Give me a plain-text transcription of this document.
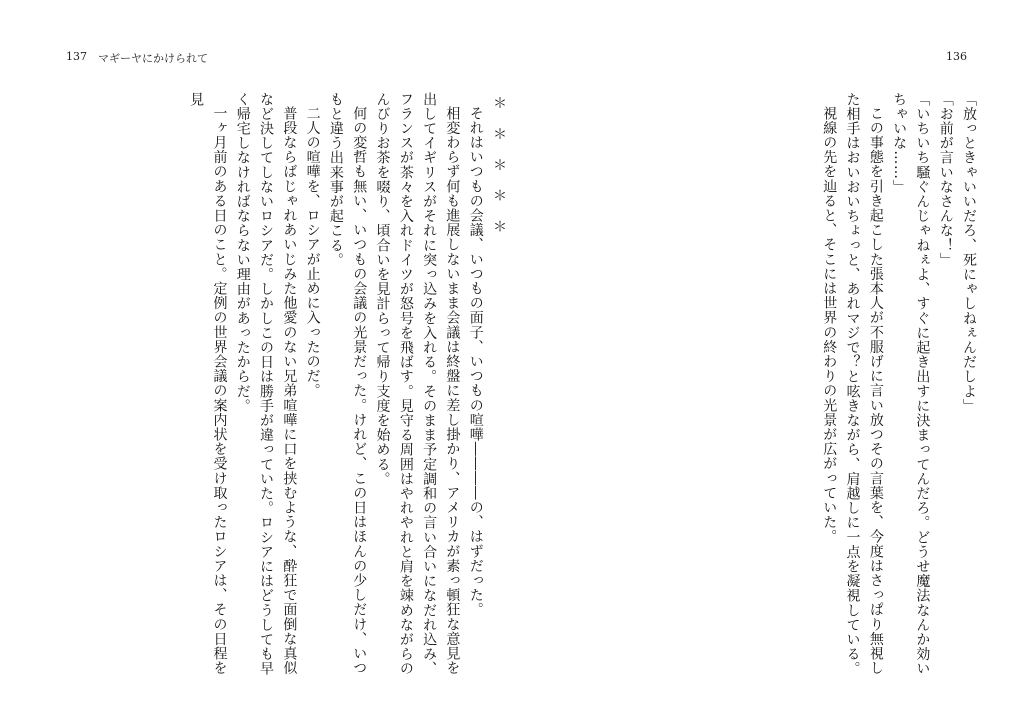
137 マギーヤにかけられて	136

「放っときゃいいだろ、死にゃしねぇんだしよ」

「お前が言いなさんな！」

「いちいち騒ぐんじゃねぇよ、すぐに起き出すに決まってんだろ。どうせ魔法なんか効いちゃいな……」

この事態を引き起こした張本人が不服げに言い放つその言葉を、今度はさっぱり無視した相手はおいおいちょっと、あれマジで？と呟きながら、肩越しに一点を凝視している。

視線の先を辿ると、そこには世界の終わりの光景が広がっていた。

＊＊＊＊＊

それはいつもの会議、いつもの面子、いつもの喧嘩――――の、はずだった。

相変わらず何も進展しないまま会議は終盤に差し掛かり、アメリカが素っ頓狂な意見を出してイギリスがそれに突っ込みを入れる。そのまま予定調和の言い合いになだれ込み、フランスが茶々を入れドイツが怒号を飛ばす。見守る周囲はやれやれと肩を竦めながらのんびりお茶を啜り、頃合いを見計らって帰り支度を始める。

何の変哲も無い、いつもの会議の光景だった。けれど、この日はほんの少しだけ、いつもと違う出来事が起こる。

二人の喧嘩を、ロシアが止めに入ったのだ。

普段ならばじゃれあいじみた他愛のない兄弟喧嘩に口を挟むような、酔狂で面倒な真似など決してしないロシアだ。しかしこの日は勝手が違っていた。ロシアにはどうしても早く帰宅しなければならない理由があったからだ。

一ヶ月前のある日のこと。定例の世界会議の案内状を受け取ったロシアは、その日程を見
